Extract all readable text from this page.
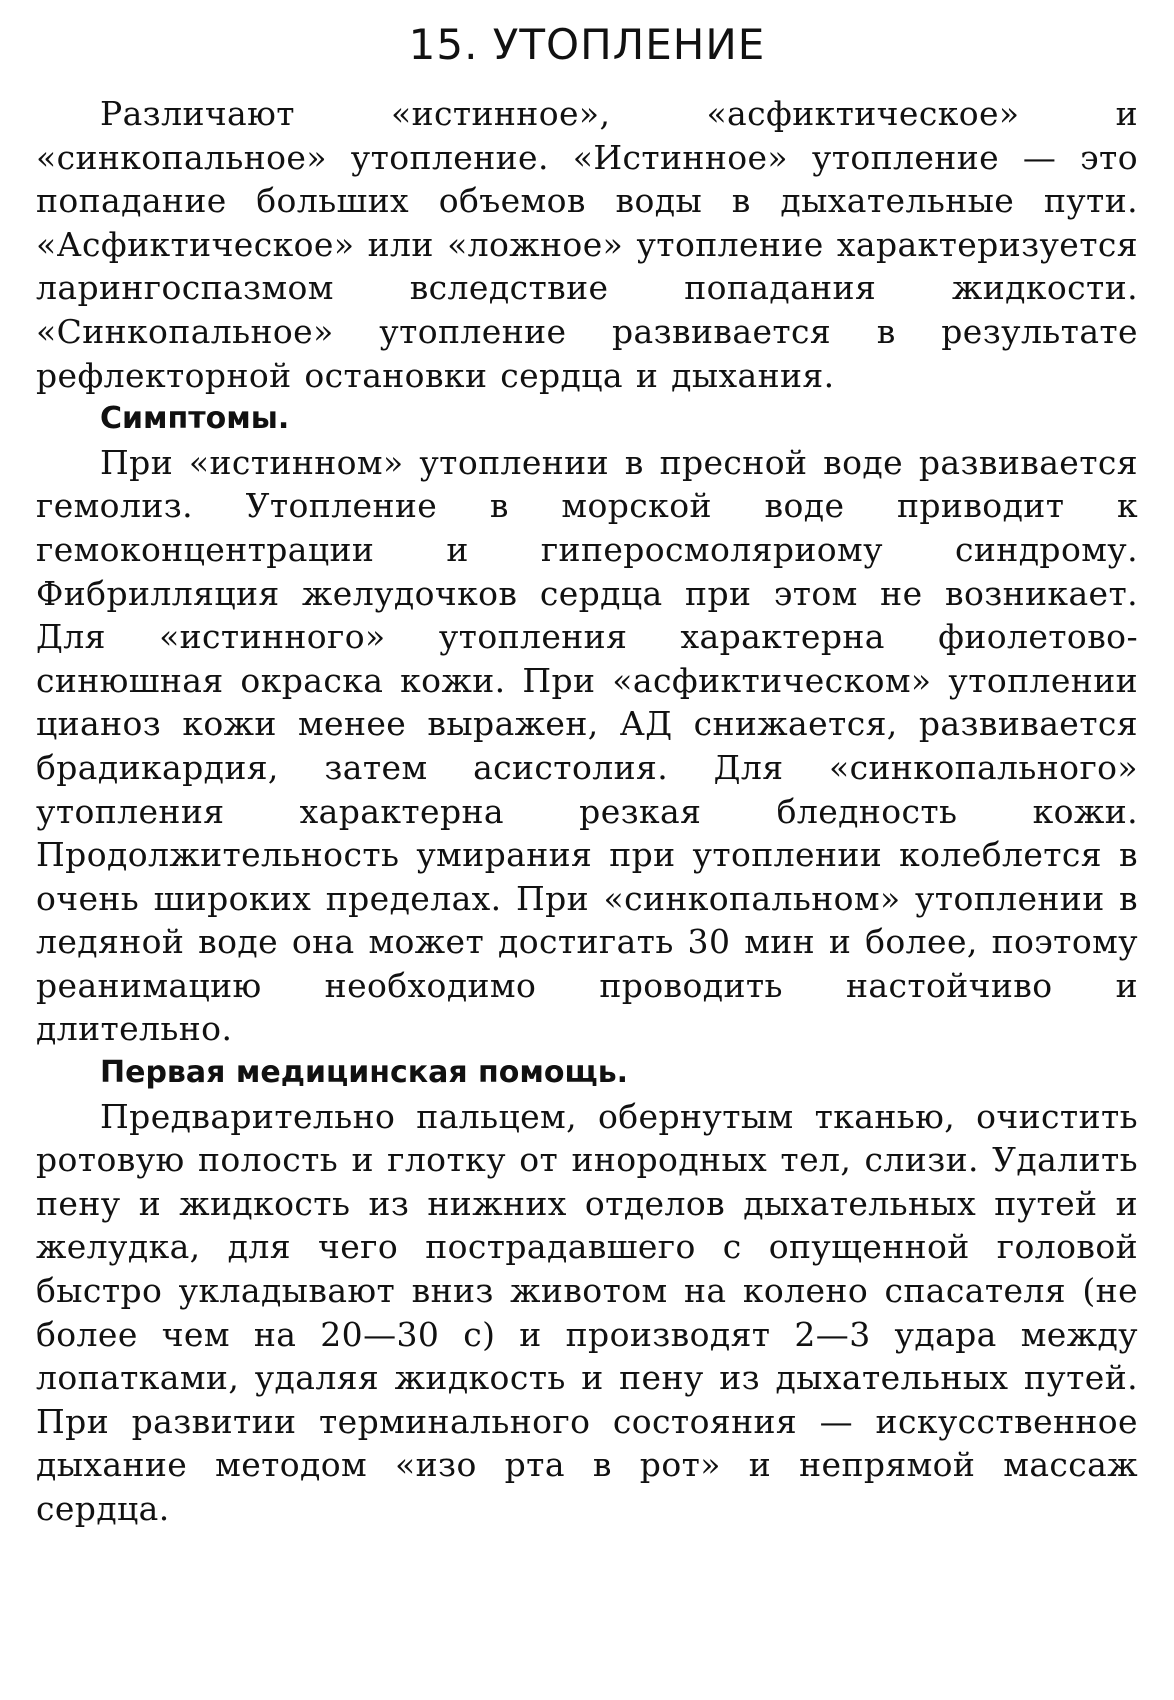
15. УТОПЛЕНИЕ

Различают «истинное», «асфиктическое» и «синкопальное» утопление. «Истинное» утопление — это попадание больших объемов воды в дыхательные пути. «Асфиктическое» или «ложное» утопление характеризуется ларингоспазмом вследствие попадания жидкости. «Синкопальное» утопление развивается в результате рефлекторной остановки сердца и дыхания.

Симптомы.

При «истинном» утоплении в пресной воде развивается гемолиз. Утопление в морской воде приводит к гемоконцентрации и гиперосмоляриому синдрому. Фибрилляция желудочков сердца при этом не возникает. Для «истинного» утопления характерна фиолетово-синюшная окраска кожи. При «асфиктическом» утоплении цианоз кожи менее выражен, АД снижается, развивается брадикардия, затем асистолия. Для «синкопального» утопления характерна резкая бледность кожи. Продолжительность умирания при утоплении колеблется в очень широких пределах. При «синкопальном» утоплении в ледяной воде она может достигать 30 мин и более, поэтому реанимацию необходимо проводить настойчиво и длительно.

Первая медицинская помощь.

Предварительно пальцем, обернутым тканью, очистить ротовую полость и глотку от инородных тел, слизи. Удалить пену и жидкость из нижних отделов дыхательных путей и желудка, для чего пострадавшего с опущенной головой быстро укладывают вниз животом на колено спасателя (не более чем на 20—30 с) и производят 2—3 удара между лопатками, удаляя жидкость и пену из дыхательных путей. При развитии терминального состояния — искусственное дыхание методом «изо рта в рот» и непрямой массаж сердца.
